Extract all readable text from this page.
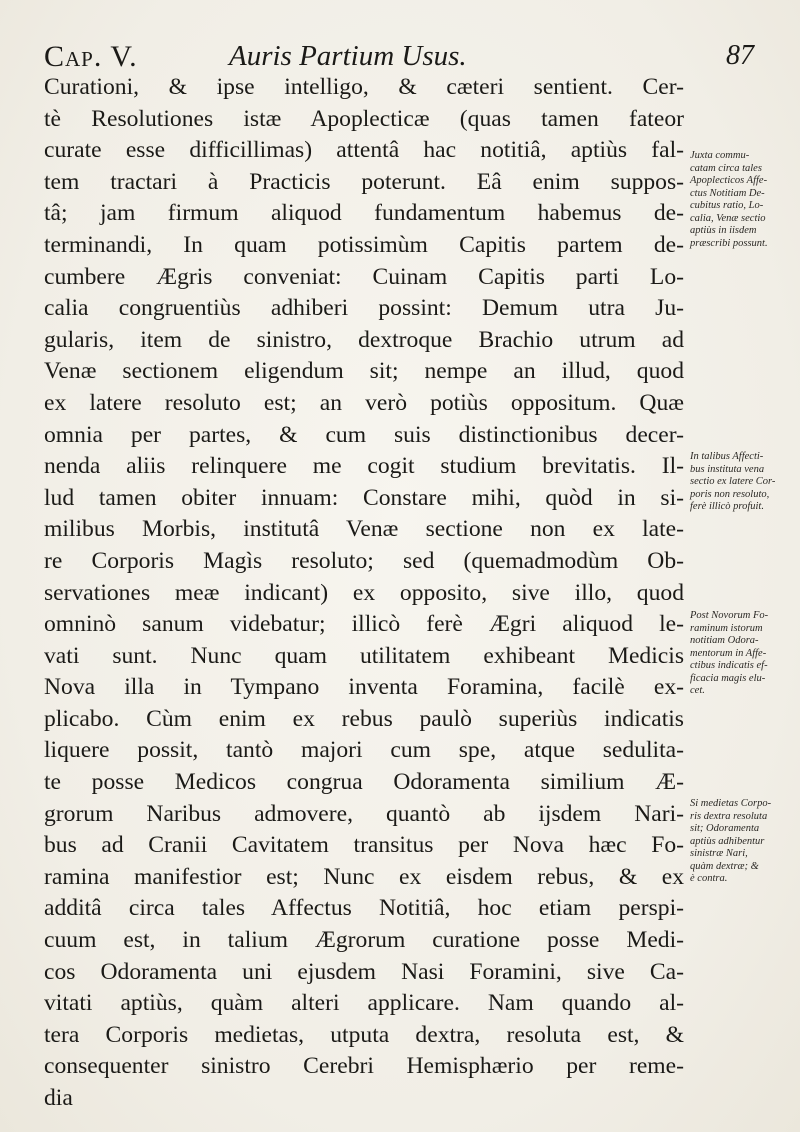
Cap. V.	Auris Partium Usus.	87
Curationi, & ipse intelligo, & cæteri sentient. Cer-
tè Resolutiones istæ Apoplecticæ (quas tamen fateor
curate esse difficillimas) attentâ hac notitiâ, aptiùs fal-
tem tractari à Practicis poterunt. Eâ enim suppos-
tâ; jam firmum aliquod fundamentum habemus de-
terminandi, In quam potissimùm Capitis partem de-
cumbere Ægris conveniat: Cuinam Capitis parti Lo-
calia congruentiùs adhiberi possint: Demum utra Ju-
gularis, item de sinistro, dextroque Brachio utrum ad
Venæ sectionem eligendum sit; nempe an illud, quod
ex latere resoluto est; an verò potiùs oppositum. Quæ
omnia per partes, & cum suis distinctionibus decer-
nenda aliis relinquere me cogit studium brevitatis. Il-
lud tamen obiter innuam: Constare mihi, quòd in si-
milibus Morbis, institutâ Venæ sectione non ex late-
re Corporis Magìs resoluto; sed (quemadmodùm Ob-
servationes meæ indicant) ex opposito, sive illo, quod
omninò sanum videbatur; illicò ferè Ægri aliquod le-
vati sunt. Nunc quam utilitatem exhibeant Medicis
Nova illa in Tympano inventa Foramina, facilè ex-
plicabo. Cùm enim ex rebus paulò superiùs indicatis
liquere possit, tantò majori cum spe, atque sedulita-
te posse Medicos congrua Odoramenta similium Æ-
grorum Naribus admovere, quantò ab ijsdem Nari-
bus ad Cranii Cavitatem transitus per Nova hæc Fo-
ramina manifestior est; Nunc ex eisdem rebus, & ex
additâ circa tales Affectus Notitiâ, hoc etiam perspi-
cuum est, in talium Ægrorum curatione posse Medi-
cos Odoramenta uni ejusdem Nasi Foramini, sive Ca-
vitati aptiùs, quàm alteri applicare. Nam quando al-
tera Corporis medietas, utputa dextra, resoluta est, &
consequenter sinistro Cerebri Hemisphærio per reme-
dia
Juxta commu-
catam circa tales
Apoplecticos Affe-
ctus Notitiam De-
cubitus ratio, Lo-
calia, Venæ sectio
aptiùs in iisdem
præscribi possunt.
In talibus Affecti-
bus instituta vena
sectio ex latere Cor-
poris non resoluto,
ferè illicò profuit.
Post Novorum Fo-
raminum istorum
notitiam Odora-
mentorum in Affe-
ctibus indicatis ef-
ficacia magis elu-
cet.
Si medietas Corpo-
ris dextra resoluta
sit; Odoramenta
aptiùs adhibentur
sinistræ Nari,
quàm dextræ; &
è contra.
